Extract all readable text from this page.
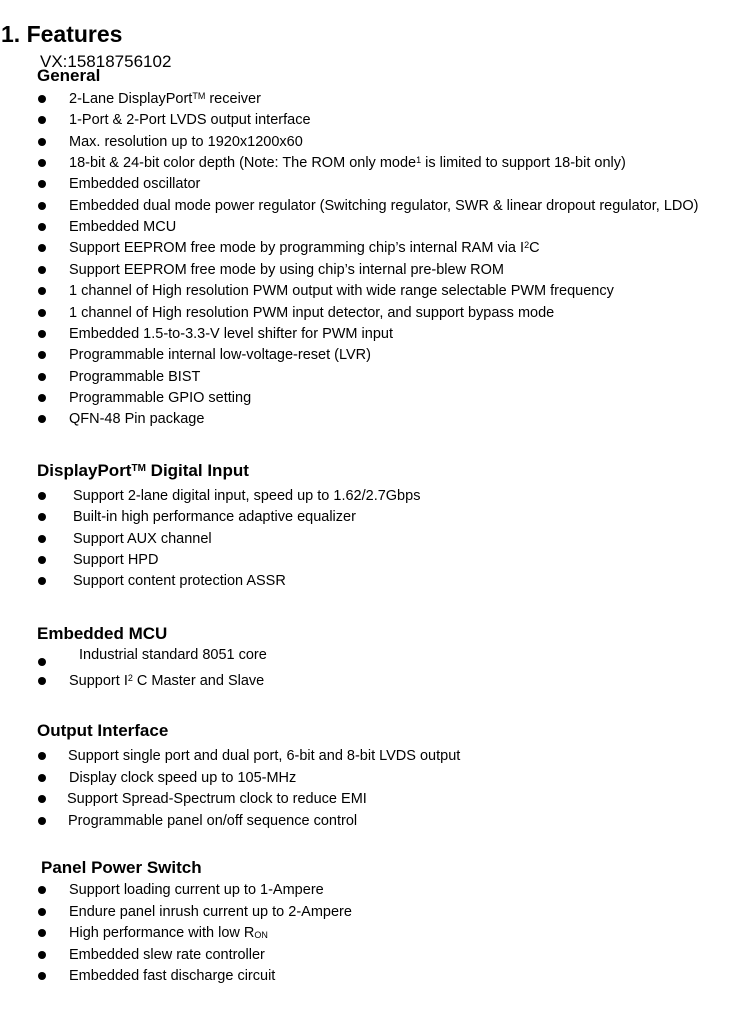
1. Features
VX:15818756102
General
2-Lane DisplayPort™ receiver
1-Port & 2-Port LVDS output interface
Max. resolution up to 1920x1200x60
18-bit & 24-bit color depth (Note: The ROM only mode$^1$ is limited to support 18-bit only)
Embedded oscillator
Embedded dual mode power regulator (Switching regulator, SWR & linear dropout regulator, LDO)
Embedded MCU
Support EEPROM free mode by programming chip’s internal RAM via $I^2C$
Support EEPROM free mode by using chip’s internal pre-blew ROM
1 channel of High resolution PWM output with wide range selectable PWM frequency
1 channel of High resolution PWM input detector, and support bypass mode
Embedded 1.5-to-3.3-V level shifter for PWM input
Programmable internal low-voltage-reset (LVR)
Programmable BIST
Programmable GPIO setting
QFN-48 Pin package
DisplayPort™ Digital Input
Support 2-lane digital input, speed up to 1.62/2.7Gbps
Built-in high performance adaptive equalizer
Support AUX channel
Support HPD
Support content protection ASSR
Embedded MCU
Industrial standard 8051 core
Support $I^2$ C Master and Slave
Output Interface
Support single port and dual port, 6-bit and 8-bit LVDS output
Display clock speed up to 105-MHz
Support Spread-Spectrum clock to reduce EMI
Programmable panel on/off sequence control
Panel Power Switch
Support loading current up to 1-Ampere
Endure panel inrush current up to 2-Ampere
High performance with low $R_{ON}$
Embedded slew rate controller
Embedded fast discharge circuit
